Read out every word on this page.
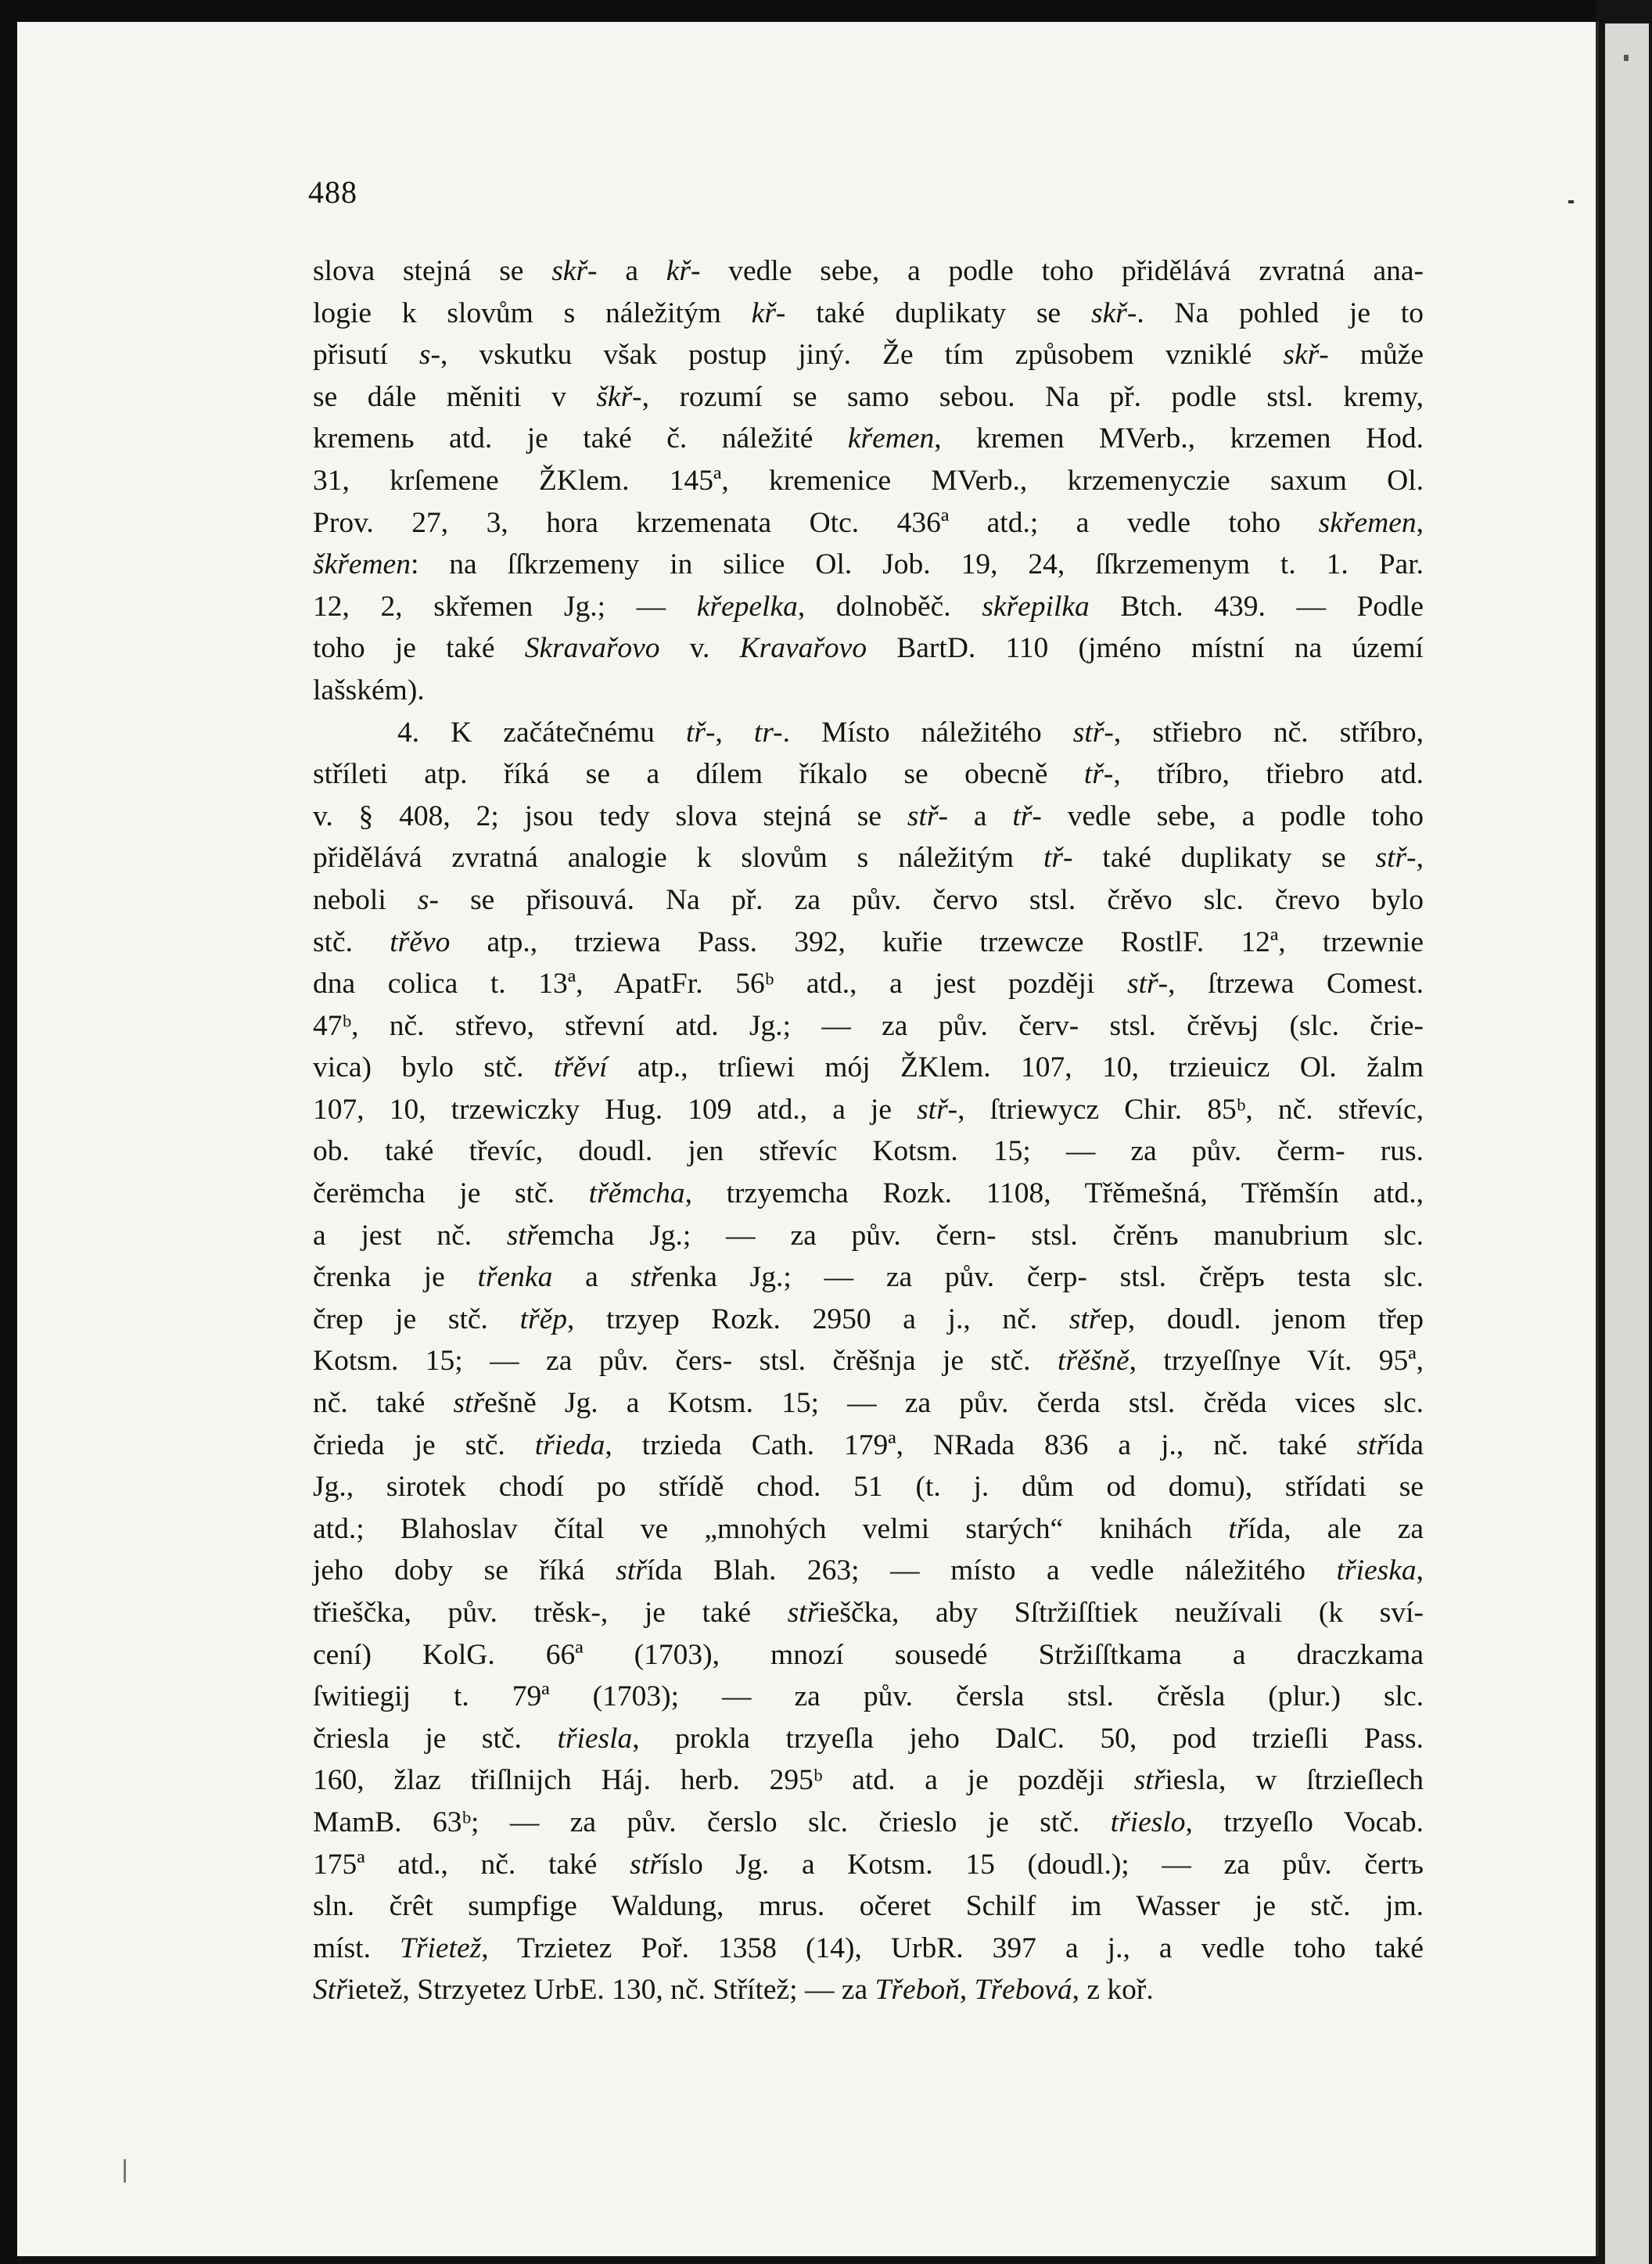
488
slova stejná se skř- a kř- vedle sebe, a podle toho přidělává zvratná ana-
logie k slovům s náležitým kř- také duplikaty se skř-. Na pohled je to
přisutí s-, vskutku však postup jiný. Že tím způsobem vzniklé skř- může
se dále měniti v škř-, rozumí se samo sebou. Na př. podle stsl. kremy,
kremenь atd. je také č. náležité křemen, kremen MVerb., krzemen Hod.
31, krſemene ŽKlem. 145ª, kremenice MVerb., krzemenyczie saxum Ol.
Prov. 27, 3, hora krzemenata Otc. 436ª atd.; a vedle toho skřemen,
škřemen: na ſſkrzemeny in silice Ol. Job. 19, 24, ſſkrzemenym t. 1. Par.
12, 2, skřemen Jg.; — křepelka, dolnoběč. skřepilka Btch. 439. — Podle
toho je také Skravařovo v. Kravařovo BartD. 110 (jméno místní na území
lašském).
4. K začátečnému tř-, tr-. Místo náležitého stř-, střiebro nč. stříbro,
stříleti atp. říká se a dílem říkalo se obecně tř-, tříbro, třiebro atd.
v. § 408, 2; jsou tedy slova stejná se stř- a tř- vedle sebe, a podle toho
přidělává zvratná analogie k slovům s náležitým tř- také duplikaty se stř-,
neboli s- se přisouvá. Na př. za pův. červo stsl. črěvo slc. črevo bylo
stč. třěvo atp., trziewa Pass. 392, kuřie trzewcze RostlF. 12ª, trzewnie
dna colica t. 13ª, ApatFr. 56ᵇ atd., a jest později stř-, ſtrzewa Comest.
47ᵇ, nč. střevo, střevní atd. Jg.; — za pův. červ- stsl. črěvьj (slc. črie-
vica) bylo stč. třěví atp., trſiewi mój ŽKlem. 107, 10, trzieuicz Ol. žalm
107, 10, trzewiczky Hug. 109 atd., a je stř-, ſtriewycz Chir. 85ᵇ, nč. střevíc,
ob. také třevíc, doudl. jen střevíc Kotsm. 15; — za pův. čerm- rus.
čerëmcha je stč. třěmcha, trzyemcha Rozk. 1108, Třěmešná, Třěmšín atd.,
a jest nč. střemcha Jg.; — za pův. čern- stsl. črěnъ manubrium slc.
črenka je třenka a střenka Jg.; — za pův. čerp- stsl. črěpъ testa slc.
črep je stč. třěp, trzyep Rozk. 2950 a j., nč. střep, doudl. jenom třep
Kotsm. 15; — za pův. čers- stsl. črěšnja je stč. třěšně, trzyeſſnye Vít. 95ª,
nč. také střešně Jg. a Kotsm. 15; — za pův. čerda stsl. črěda vices slc.
črieda je stč. třieda, trzieda Cath. 179ª, NRada 836 a j., nč. také střída
Jg., sirotek chodí po střídě chod. 51 (t. j. dům od domu), střídati se
atd.; Blahoslav čítal ve „mnohých velmi starých“ knihách třída, ale za
jeho doby se říká střída Blah. 263; — místo a vedle náležitého třieska,
třieščka, pův. trěsk-, je také střieščka, aby Sſtržiſſtiek neužívali (k sví-
cení) KolG. 66ª (1703), mnozí sousedé Stržiſſtkama a draczkama
ſwitiegij t. 79ª (1703); — za pův. čersla stsl. črěsla (plur.) slc.
čriesla je stč. třiesla, prokla trzyeſla jeho DalC. 50, pod trzieſli Pass.
160, žlaz třiſlnijch Háj. herb. 295ᵇ atd. a je později střiesla, w ſtrzieſlech
MamB. 63ᵇ; — za pův. čerslo slc. črieslo je stč. třieslo, trzyeſlo Vocab.
175ª atd., nč. také stříslo Jg. a Kotsm. 15 (doudl.); — za pův. čertъ
sln. črêt sumpfige Waldung, mrus. očeret Schilf im Wasser je stč. jm.
míst. Třietež, Trzietez Poř. 1358 (14), UrbR. 397 a j., a vedle toho také
Střietež, Strzyetez UrbE. 130, nč. Střítež; — za Třeboň, Třebová, z koř.
